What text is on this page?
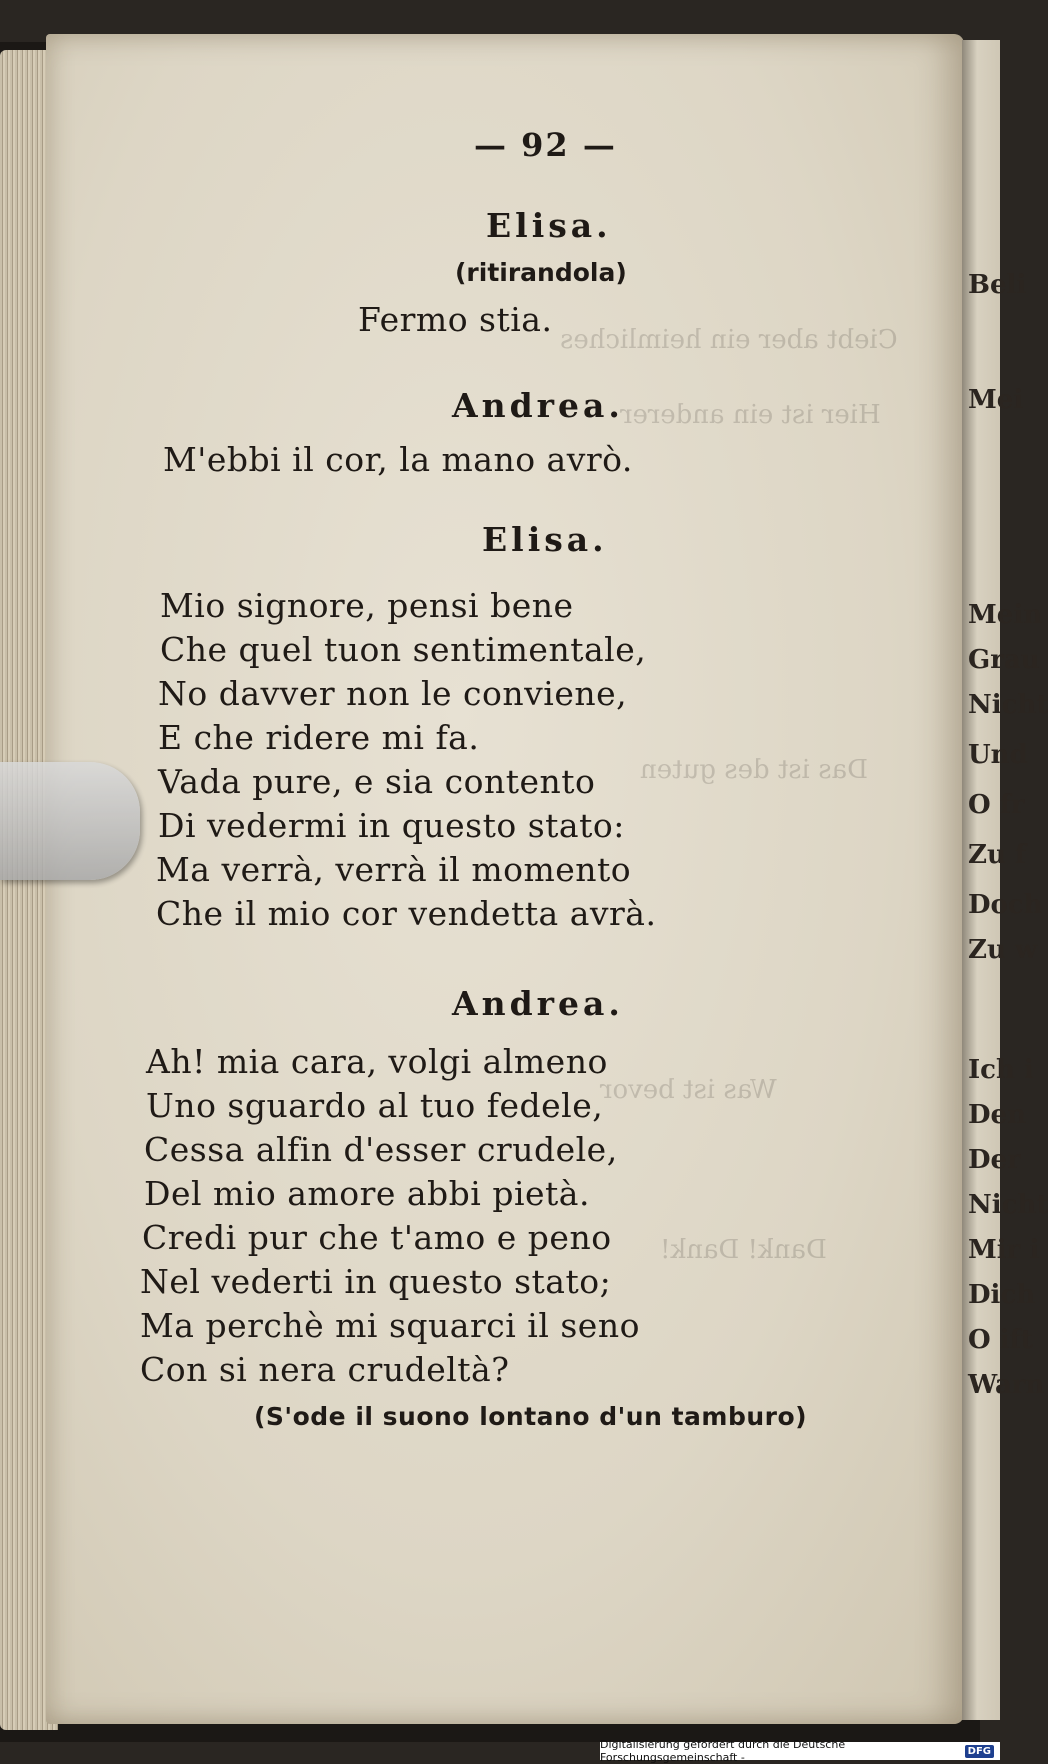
Beli
Mei
Mein
Grau
Nicht
Und
O fr
Zu f
Doch
Zu w
Ich i
Den
Der
Nicht
Mir i
Dich
O ift
Warn
Ciebt aber ein heimliches
Hier ist ein anderer
Das ist des guten
Was ist bevor
Dank! Dank!
— 92 —
Elisa.
(ritirandola)
Fermo stia.
Andrea.
M'ebbi il cor, la mano avrò.
Elisa.
Mio signore, pensi bene
Che quel tuon sentimentale,
No davver non le conviene,
E che ridere mi fa.
Vada pure, e sia contento
Di vedermi in questo stato:
Ma verrà, verrà il momento
Che il mio cor vendetta avrà.
Andrea.
Ah! mia cara, volgi almeno
Uno sguardo al tuo fedele,
Cessa alfin d'esser crudele,
Del mio amore abbi pietà.
Credi pur che t'amo e peno
Nel vederti in questo stato;
Ma perchè mi squarci il seno
Con si nera crudeltà?
(S'ode il suono lontano d'un tamburo)
Digitalisierung gefördert durch die Deutsche Forschungsgemeinschaft -	DFG
